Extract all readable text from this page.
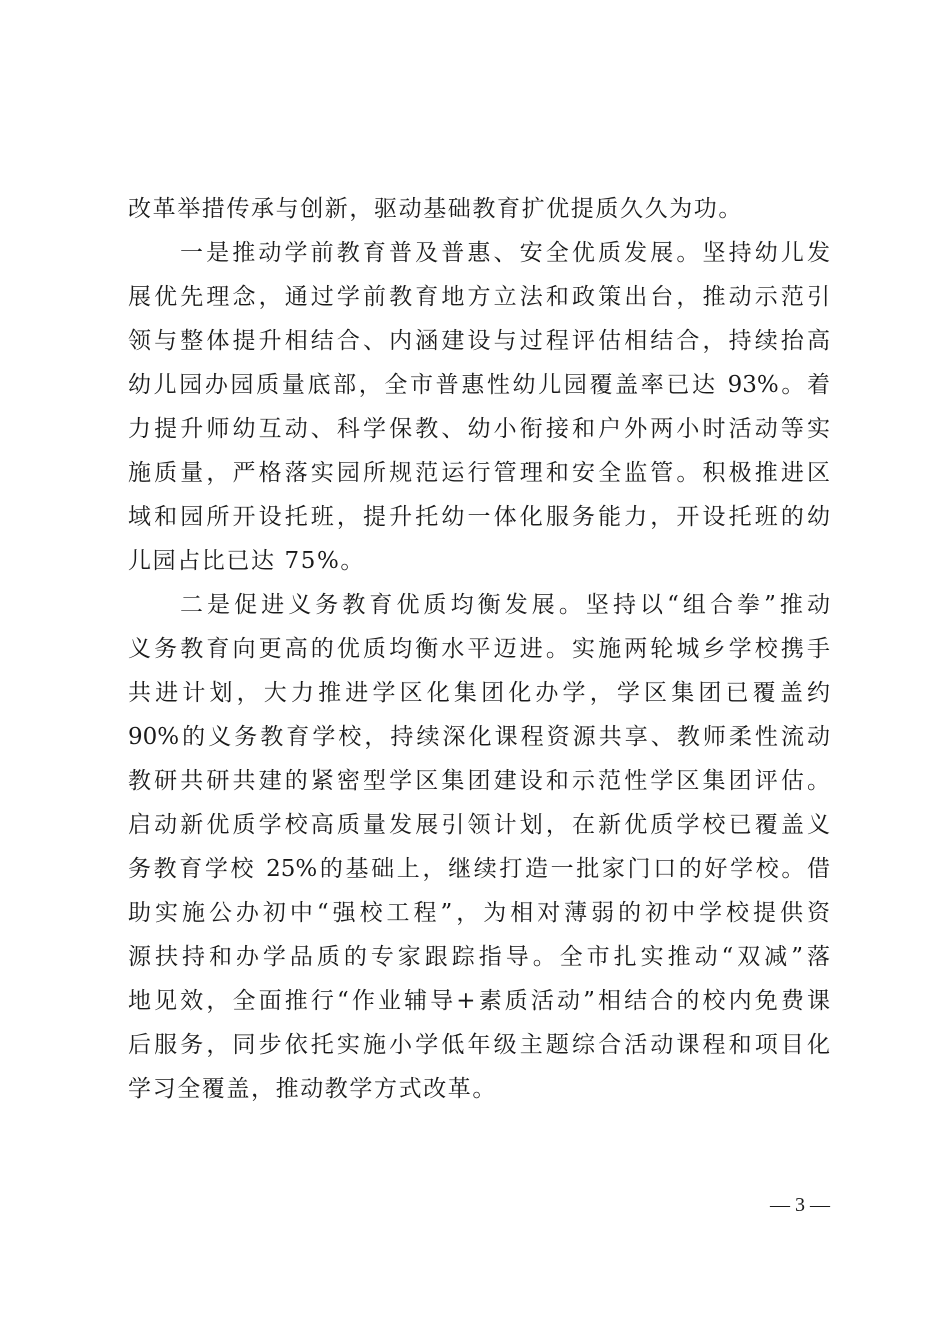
改革举措传承与创新，驱动基础教育扩优提质久久为功。
一是推动学前教育普及普惠、安全优质发展。坚持幼儿发
展优先理念，通过学前教育地方立法和政策出台，推动示范引
领与整体提升相结合、内涵建设与过程评估相结合，持续抬高
幼儿园办园质量底部，全市普惠性幼儿园覆盖率已达 93%。着
力提升师幼互动、科学保教、幼小衔接和户外两小时活动等实
施质量，严格落实园所规范运行管理和安全监管。积极推进区
域和园所开设托班，提升托幼一体化服务能力，开设托班的幼
儿园占比已达 75%。
二是促进义务教育优质均衡发展。坚持以“组合拳”推动
义务教育向更高的优质均衡水平迈进。实施两轮城乡学校携手
共进计划，大力推进学区化集团化办学，学区集团已覆盖约
90%的义务教育学校，持续深化课程资源共享、教师柔性流动
教研共研共建的紧密型学区集团建设和示范性学区集团评估。
启动新优质学校高质量发展引领计划，在新优质学校已覆盖义
务教育学校 25%的基础上，继续打造一批家门口的好学校。借
助实施公办初中“强校工程”，为相对薄弱的初中学校提供资
源扶持和办学品质的专家跟踪指导。全市扎实推动“双减”落
地见效，全面推行“作业辅导+素质活动”相结合的校内免费课
后服务，同步依托实施小学低年级主题综合活动课程和项目化
学习全覆盖，推动教学方式改革。
— 3 —
